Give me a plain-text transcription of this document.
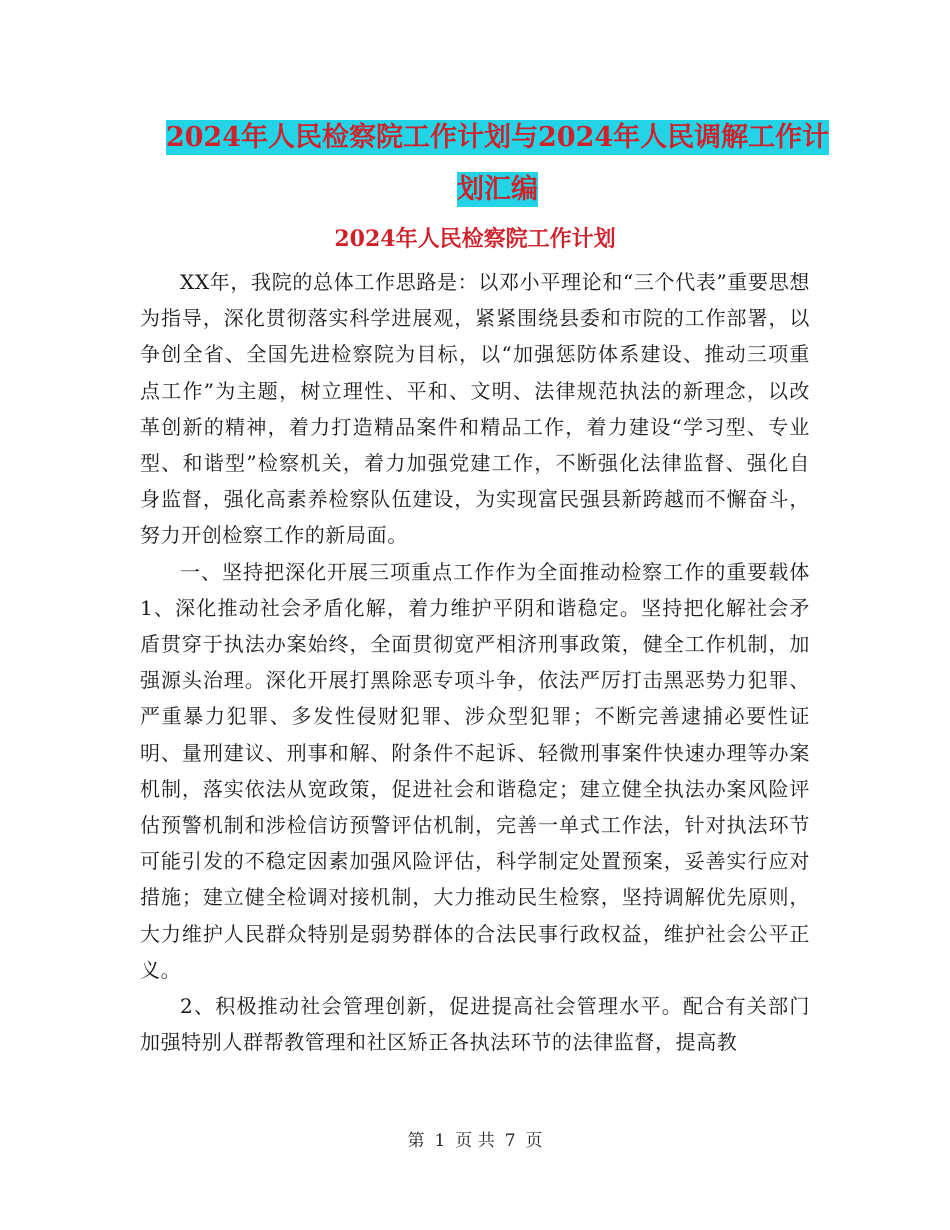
2024年人民检察院工作计划与2024年人民调解工作计
划汇编
2024年人民检察院工作计划

XX年，我院的总体工作思路是：以邓小平理论和“三个代表”重要思想为指导，深化贯彻落实科学进展观，紧紧围绕县委和市院的工作部署，以争创全省、全国先进检察院为目标，以“加强惩防体系建设、推动三项重点工作”为主题，树立理性、平和、文明、法律规范执法的新理念，以改革创新的精神，着力打造精品案件和精品工作，着力建设“学习型、专业型、和谐型”检察机关，着力加强党建工作，不断强化法律监督、强化自身监督，强化高素养检察队伍建设，为实现富民强县新跨越而不懈奋斗，努力开创检察工作的新局面。

一、坚持把深化开展三项重点工作作为全面推动检察工作的重要载体1、深化推动社会矛盾化解，着力维护平阴和谐稳定。坚持把化解社会矛盾贯穿于执法办案始终，全面贯彻宽严相济刑事政策，健全工作机制，加强源头治理。深化开展打黑除恶专项斗争，依法严厉打击黑恶势力犯罪、严重暴力犯罪、多发性侵财犯罪、涉众型犯罪；不断完善逮捕必要性证明、量刑建议、刑事和解、附条件不起诉、轻微刑事案件快速办理等办案机制，落实依法从宽政策，促进社会和谐稳定；建立健全执法办案风险评估预警机制和涉检信访预警评估机制，完善一单式工作法，针对执法环节可能引发的不稳定因素加强风险评估，科学制定处置预案，妥善实行应对措施；建立健全检调对接机制，大力推动民生检察，坚持调解优先原则，大力维护人民群众特别是弱势群体的合法民事行政权益，维护社会公平正义。

2、积极推动社会管理创新，促进提高社会管理水平。配合有关部门加强特别人群帮教管理和社区矫正各执法环节的法律监督，提高教

第 1 页 共 7 页
